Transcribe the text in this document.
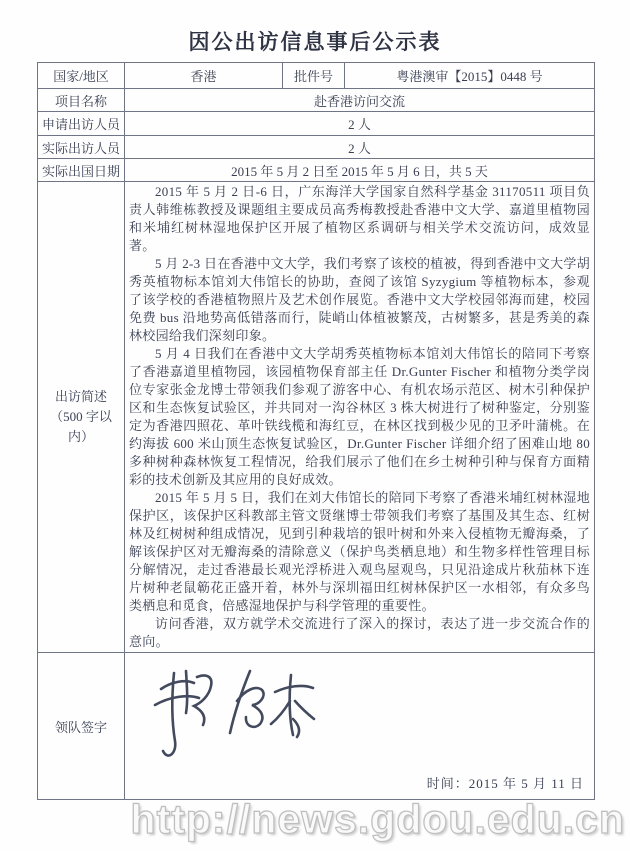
因公出访信息事后公示表
国家/地区	香港	批件号	粤港澳审【2015】0448 号
项目名称	赴香港访问交流		
申请出访人员	2 人		
实际出访人员	2 人		
实际出国日期	2015 年 5 月 2 日至 2015 年 5 月 6 日，共 5 天		

出访简述
（500 字以内）

2015 年 5 月 2 日-6 日，广东海洋大学国家自然科学基金 31170511 项目负责人韩维栋教授及课题组主要成员高秀梅教授赴香港中文大学、嘉道里植物园和米埔红树林湿地保护区开展了植物区系调研与相关学术交流访问，成效显著。

5 月 2-3 日在香港中文大学，我们考察了该校的植被，得到香港中文大学胡秀英植物标本馆刘大伟馆长的协助，查阅了该馆 Syzygium 等植物标本，参观了该学校的香港植物照片及艺术创作展览。香港中文大学校园邻海而建，校园免费 bus 沿地势高低错落而行，陡峭山体植被繁茂，古树繁多，甚是秀美的森林校园给我们深刻印象。

5 月 4 日我们在香港中文大学胡秀英植物标本馆刘大伟馆长的陪同下考察了香港嘉道里植物园，该园植物保育部主任 Dr.Gunter Fischer 和植物分类学岗位专家张金龙博士带领我们参观了游客中心、有机农场示范区、树木引种保护区和生态恢复试验区，并共同对一沟谷林区 3 株大树进行了树种鉴定，分别鉴定为香港四照花、革叶铁线榄和海红豆，在林区找到极少见的卫矛叶蒲桃。在约海拔 600 米山顶生态恢复试验区，Dr.Gunter Fischer 详细介绍了困难山地 80 多种树种森林恢复工程情况，给我们展示了他们在乡土树种引种与保育方面精彩的技术创新及其应用的良好成效。

2015 年 5 月 5 日，我们在刘大伟馆长的陪同下考察了香港米埔红树林湿地保护区，该保护区科教部主管文贤继博士带领我们考察了基围及其生态、红树林及红树树种组成情况，见到引种栽培的银叶树和外来入侵植物无瓣海桑，了解该保护区对无瓣海桑的清除意义（保护鸟类栖息地）和生物多样性管理目标分解情况，走过香港最长观光浮桥进入观鸟屋观鸟，只见沿途成片秋茄林下连片树种老鼠簕花正盛开着，林外与深圳福田红树林保护区一水相邻，有众多鸟类栖息和觅食，倍感湿地保护与科学管理的重要性。

访问香港，双方就学术交流进行了深入的探讨，表达了进一步交流合作的意向。

领队签字	时间：2015 年 5 月 11 日		
http://news.gdou.edu.cn
